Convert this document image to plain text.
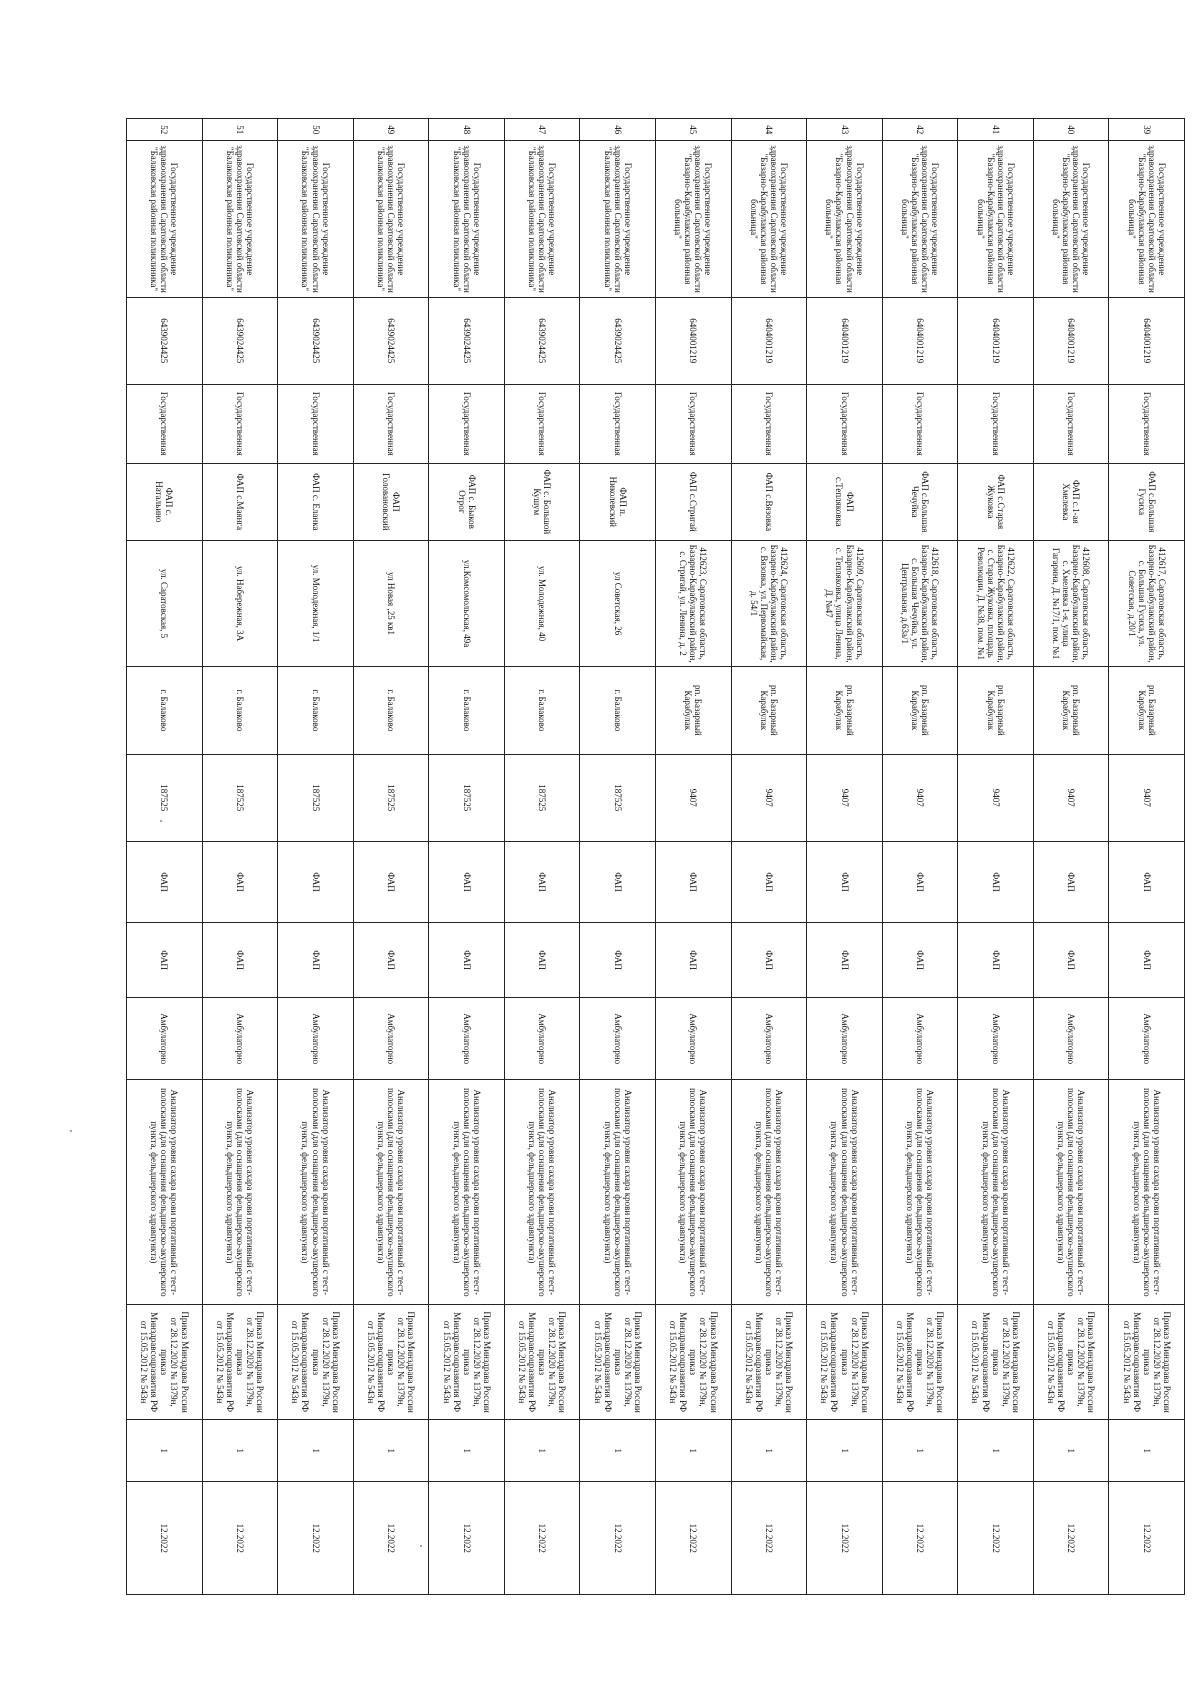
39	Государственное учреждение здравоохранения Саратовской области "Базарно-Карабулакская районная больница"	6404001219	Государственная	ФАП с.Большая Гусиха	412617, Саратовская область, Базарно-Карабулакский район, с. Большая Гусиха, ул. Советская, д.20/1	рп. Базарный Карабулак	9407	ФАП	ФАП	Амбулаторно	Анализатор уровня сахара крови портативный с тест-полосками (для оснащения фельдшерско-акушерского пункта, фельдшерского здравпункта)	Приказ Минздрава России от 28.12.2020 № 1379н, приказ Минздравсоцразвития РФ от 15.05.2012 № 543н	1	12.2022
40	Государственное учреждение здравоохранения Саратовской области "Базарно-Карабулакская районная больница"	6404001219	Государственная	ФАП с.1-ая Хмелевка	412608, Саратовская область, Базарно-Карабулакский район, с. Хмелевка 1-я, улица Гагарина, Д. №17/1, пом. №1	рп. Базарный Карабулак	9407	ФАП	ФАП	Амбулаторно	Анализатор уровня сахара крови портативный с тест-полосками (для оснащения фельдшерско-акушерского пункта, фельдшерского здравпункта)	Приказ Минздрава России от 28.12.2020 № 1379н, приказ Минздравсоцразвития РФ от 15.05.2012 № 543н	1	12.2022
41	Государственное учреждение здравоохранения Саратовской области "Базарно-Карабулакская районная больница"	6404001219	Государственная	ФАП с.Старая Жуковка	412622, Саратовская область, Базарно-Карабулакский район, с. Старая Жуковка, площадь Революции, Д. №38, пом. №1	рп. Базарный Карабулак	9407	ФАП	ФАП	Амбулаторно	Анализатор уровня сахара крови портативный с тест-полосками (для оснащения фельдшерско-акушерского пункта, фельдшерского здравпункта)	Приказ Минздрава России от 28.12.2020 № 1379н, приказ Минздравсоцразвития РФ от 15.05.2012 № 543н	1	12.2022
42	Государственное учреждение здравоохранения Саратовской области "Базарно-Карабулакская районная больница"	6404001219	Государственная	ФАП с.Большая Чечуйка	412618, Саратовская область, Базарно-Карабулакский район, с. Большая Чечуйка, ул. Центральная, д.63а/1	рп. Базарный Карабулак	9407	ФАП	ФАП	Амбулаторно	Анализатор уровня сахара крови портативный с тест-полосками (для оснащения фельдшерско-акушерского пункта, фельдшерского здравпункта)	Приказ Минздрава России от 28.12.2020 № 1379н, приказ Минздравсоцразвития РФ от 15.05.2012 № 543н	1	12.2022
43	Государственное учреждение здравоохранения Саратовской области "Базарно-Карабулакская районная больница"	6404001219	Государственная	ФАП с.Тепляковка	412609, Саратовская область, Базарно-Карабулакский район, с. Тепляковка, улица Ленина, Д. №47	рп. Базарный Карабулак	9407	ФАП	ФАП	Амбулаторно	Анализатор уровня сахара крови портативный с тест-полосками (для оснащения фельдшерско-акушерского пункта, фельдшерского здравпункта)	Приказ Минздрава России от 28.12.2020 № 1379н, приказ Минздравсоцразвития РФ от 15.05.2012 № 543н	1	12.2022
44	Государственное учреждение здравоохранения Саратовской области "Базарно-Карабулакская районная больница"	6404001219	Государственная	ФАП с.Вязовка	412624, Саратовская область, Базарно-Карабулакский район, с. Вязовка, ул. Первомайская, д. 54/1	рп. Базарный Карабулак	9407	ФАП	ФАП	Амбулаторно	Анализатор уровня сахара крови портативный с тест-полосками (для оснащения фельдшерско-акушерского пункта, фельдшерского здравпункта)	Приказ Минздрава России от 28.12.2020 № 1379н, приказ Минздравсоцразвития РФ от 15.05.2012 № 543н	1	12.2022
45	Государственное учреждение здравоохранения Саратовской области "Базарно-Карабулакская районная больница"	6404001219	Государственная	ФАП с.Стригай	412623, Саратовская область, Базарно-Карабулакский район, с. Стригай, ул. Ленина, д. 2	рп. Базарный Карабулак	9407	ФАП	ФАП	Амбулаторно	Анализатор уровня сахара крови портативный с тест-полосками (для оснащения фельдшерско-акушерского пункта, фельдшерского здравпункта)	Приказ Минздрава России от 28.12.2020 № 1379н, приказ Минздравсоцразвития РФ от 15.05.2012 № 543н	1	12.2022
46	Государственное учреждение здравоохранения Саратовской области "Балаковская районная поликлиника"	6439024425	Государственная	ФАП п. Николевский	ул Советская, 26	г. Балаково	187525	ФАП	ФАП	Амбулаторно	Анализатор уровня сахара крови портативный с тест-полосками (для оснащения фельдшерско-акушерского пункта, фельдшерского здравпункта)	Приказ Минздрава России от 28.12.2020 № 1379н, приказ Минздравсоцразвития РФ от 15.05.2012 № 543н	1	12.2022
47	Государственное учреждение здравоохранения Саратовской области "Балаковская районная поликлиника"	6439024425	Государственная	ФАП с. Большой Кушум	ул. Молодежная, 40	г. Балаково	187525	ФАП	ФАП	Амбулаторно	Анализатор уровня сахара крови портативный с тест-полосками (для оснащения фельдшерско-акушерского пункта, фельдшерского здравпункта)	Приказ Минздрава России от 28.12.2020 № 1379н, приказ Минздравсоцразвития РФ от 15.05.2012 № 543н	1	12.2022
48	Государственное учреждение здравоохранения Саратовской области "Балаковская районная поликлиника"	6439024425	Государственная	ФАП с. Быков Отрог	ул.Комсомольская, 49а	г. Балаково	187525	ФАП	ФАП	Амбулаторно	Анализатор уровня сахара крови портативный с тест-полосками (для оснащения фельдшерско-акушерского пункта, фельдшерского здравпункта)	Приказ Минздрава России от 28.12.2020 № 1379н, приказ Минздравсоцразвития РФ от 15.05.2012 № 543н	1	12.2022
49	Государственное учреждение здравоохранения Саратовской области "Балаковская районная поликлиника"	6439024425	Государственная	ФАП Головановский	ул Новая ,25 кв1	г. Балаково	187525	ФАП	ФАП	Амбулаторно	Анализатор уровня сахара крови портативный с тест-полосками (для оснащения фельдшерско-акушерского пункта, фельдшерского здравпункта)	Приказ Минздрава России от 28.12.2020 № 1379н, приказ Минздравсоцразвития РФ от 15.05.2012 № 543н	1	12.2022
50	Государственное учреждение здравоохранения Саратовской области "Балаковская районная поликлиника"	6439024425	Государственная	ФАП с. Еланка	ул. Молодежная, 1/1	г. Балаково	187525	ФАП	ФАП	Амбулаторно	Анализатор уровня сахара крови портативный с тест-полосками (для оснащения фельдшерско-акушерского пункта, фельдшерского здравпункта)	Приказ Минздрава России от 28.12.2020 № 1379н, приказ Минздравсоцразвития РФ от 15.05.2012 № 543н	1	12.2022
51	Государственное учреждение здравоохранения Саратовской области "Балаковская районная поликлиника"	6439024425	Государственная	ФАП с.Маянга	ул. Набережная, 3А	г. Балаково	187525	ФАП	ФАП	Амбулаторно	Анализатор уровня сахара крови портативный с тест-полосками (для оснащения фельдшерско-акушерского пункта, фельдшерского здравпункта)	Приказ Минздрава России от 28.12.2020 № 1379н, приказ Минздравсоцразвития РФ от 15.05.2012 № 543н	1	12.2022
52	Государственное учреждение здравоохранения Саратовской области "Балаковская районная поликлиника"	6439024425	Государственная	ФАП с. Натальино	ул. Саратовская, 5	г. Балаково	187525	ФАП	ФАП	Амбулаторно	Анализатор уровня сахара крови портативный с тест-полосками (для оснащения фельдшерско-акушерского пункта, фельдшерского здравпункта)	Приказ Минздрава России от 28.12.2020 № 1379н, приказ Минздравсоцразвития РФ от 15.05.2012 № 543н	1	12.2022
